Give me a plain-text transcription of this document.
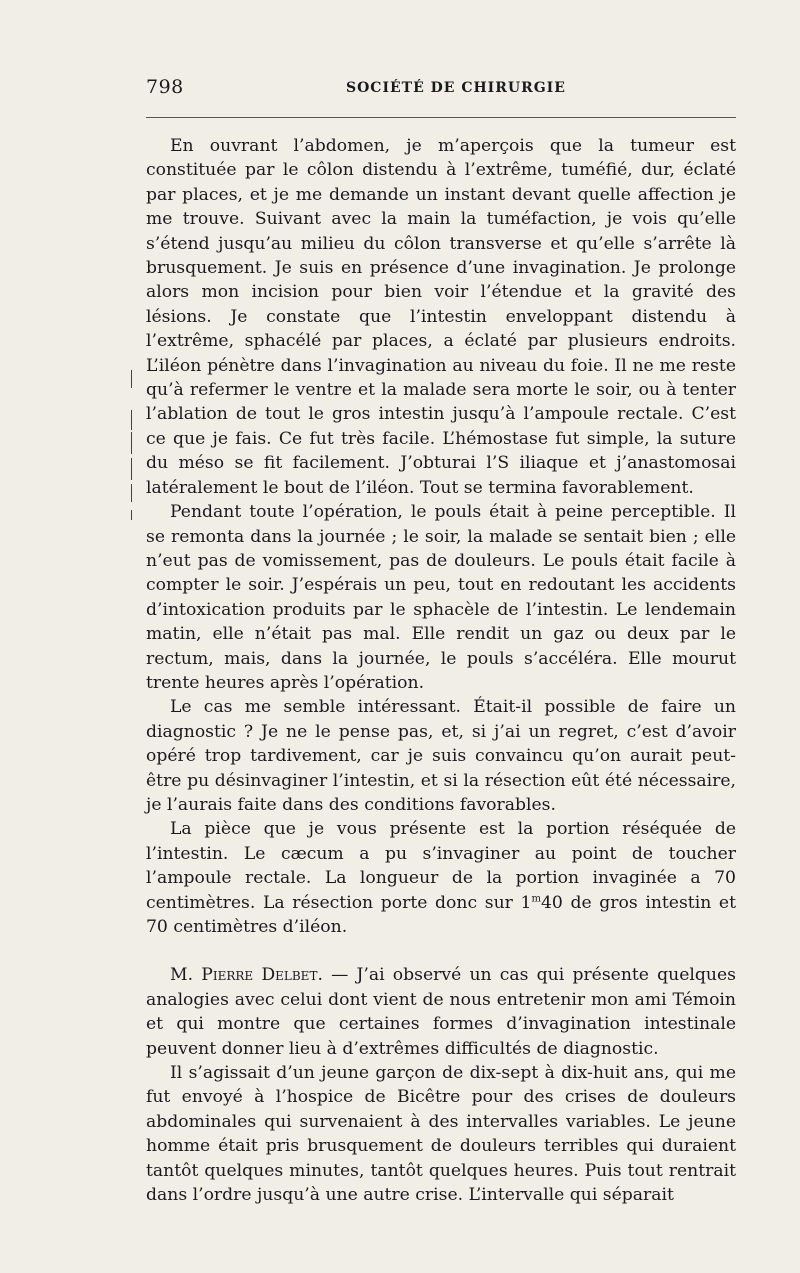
798	SOCIÉTÉ DE CHIRURGIE

En ouvrant l’abdomen, je m’aperçois que la tumeur est constituée par le côlon distendu à l’extrême, tuméfié, dur, éclaté par places, et je me demande un instant devant quelle affection je me trouve. Suivant avec la main la tuméfaction, je vois qu’elle s’étend jusqu’au milieu du côlon transverse et qu’elle s’arrête là brusquement. Je suis en présence d’une invagination. Je prolonge alors mon incision pour bien voir l’étendue et la gravité des lésions. Je constate que l’intestin enveloppant distendu à l’extrême, sphacélé par places, a éclaté par plusieurs endroits. L’iléon pénètre dans l’invagination au niveau du foie. Il ne me reste qu’à refermer le ventre et la malade sera morte le soir, ou à tenter l’ablation de tout le gros intestin jusqu’à l’ampoule rectale. C’est ce que je fais. Ce fut très facile. L’hémostase fut simple, la suture du méso se fit facilement. J’obturai l’S iliaque et j’anastomosai latéralement le bout de l’iléon. Tout se termina favorablement.

Pendant toute l’opération, le pouls était à peine perceptible. Il se remonta dans la journée ; le soir, la malade se sentait bien ; elle n’eut pas de vomissement, pas de douleurs. Le pouls était facile à compter le soir. J’espérais un peu, tout en redoutant les accidents d’intoxication produits par le sphacèle de l’intestin. Le lendemain matin, elle n’était pas mal. Elle rendit un gaz ou deux par le rectum, mais, dans la journée, le pouls s’accéléra. Elle mourut trente heures après l’opération.

Le cas me semble intéressant. Était-il possible de faire un diagnostic ? Je ne le pense pas, et, si j’ai un regret, c’est d’avoir opéré trop tardivement, car je suis convaincu qu’on aurait peut-être pu désinvaginer l’intestin, et si la résection eût été nécessaire, je l’aurais faite dans des conditions favorables.

La pièce que je vous présente est la portion réséquée de l’intestin. Le cæcum a pu s’invaginer au point de toucher l’ampoule rectale. La longueur de la portion invaginée a 70 centimètres. La résection porte donc sur 1$^m$40 de gros intestin et 70 centimètres d’iléon.

M. Pierre Delbet. — J’ai observé un cas qui présente quelques analogies avec celui dont vient de nous entretenir mon ami Témoin et qui montre que certaines formes d’invagination intestinale peuvent donner lieu à d’extrêmes difficultés de diagnostic.

Il s’agissait d’un jeune garçon de dix-sept à dix-huit ans, qui me fut envoyé à l’hospice de Bicêtre pour des crises de douleurs abdominales qui survenaient à des intervalles variables. Le jeune homme était pris brusquement de douleurs terribles qui duraient tantôt quelques minutes, tantôt quelques heures. Puis tout rentrait dans l’ordre jusqu’à une autre crise. L’intervalle qui séparait
